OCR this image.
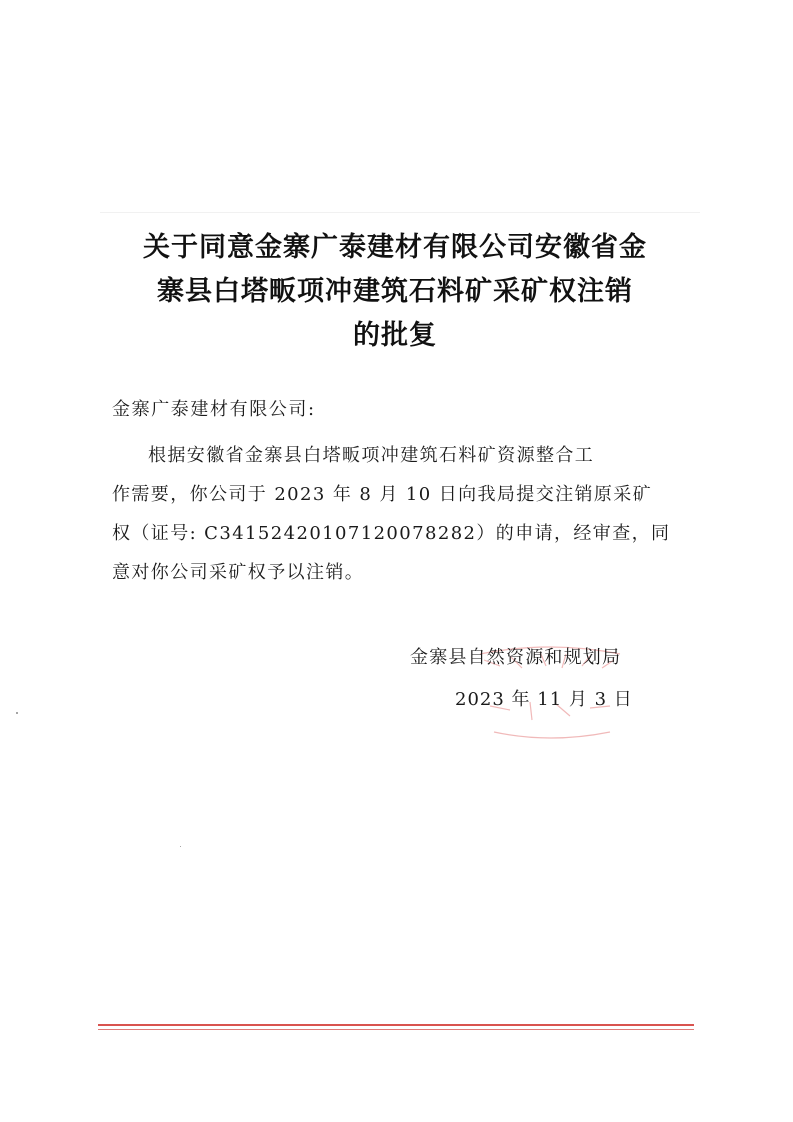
关于同意金寨广泰建材有限公司安徽省金
寨县白塔畈项冲建筑石料矿采矿权注销
的批复
金寨广泰建材有限公司:
根据安徽省金寨县白塔畈项冲建筑石料矿资源整合工
作需要，你公司于 2023 年 8 月 10 日向我局提交注销原采矿
权（证号: C3415242010712007828​2）的申请，经审查，同
意对你公司采矿权予以注销。
金寨县自然资源和规划局
2023 年 11 月 3 日
